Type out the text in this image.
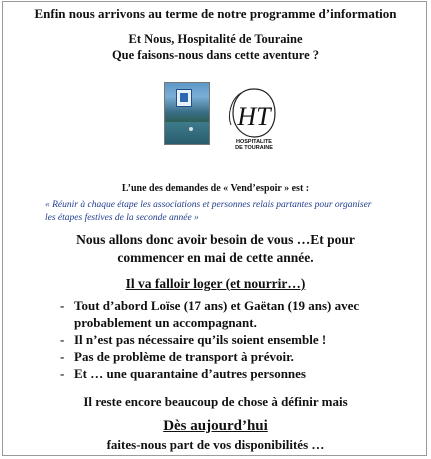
Enfin nous arrivons au terme de notre programme d’information
Et Nous, Hospitalité de Touraine
Que faisons-nous dans cette aventure ?
HT
HOSPITALITE
DE TOURAINE
L’une des demandes de « Vend’espoir » est :
« Réunir à chaque étape les associations et personnes relais partantes pour organiser
les étapes festives de la seconde année »
Nous allons donc avoir besoin de vous …Et pour
commencer en mai de cette année.
Il va falloir loger (et nourrir…)
- Tout d’abord Loïse (17 ans) et Gaëtan (19 ans) avec
probablement un accompagnant.
- Il n’est pas nécessaire qu’ils soient ensemble !
- Pas de problème de transport à prévoir.
- Et … une quarantaine d’autres personnes
Il reste encore beaucoup de chose à définir mais
Dès aujourd’hui
faites-nous part de vos disponibilités …
